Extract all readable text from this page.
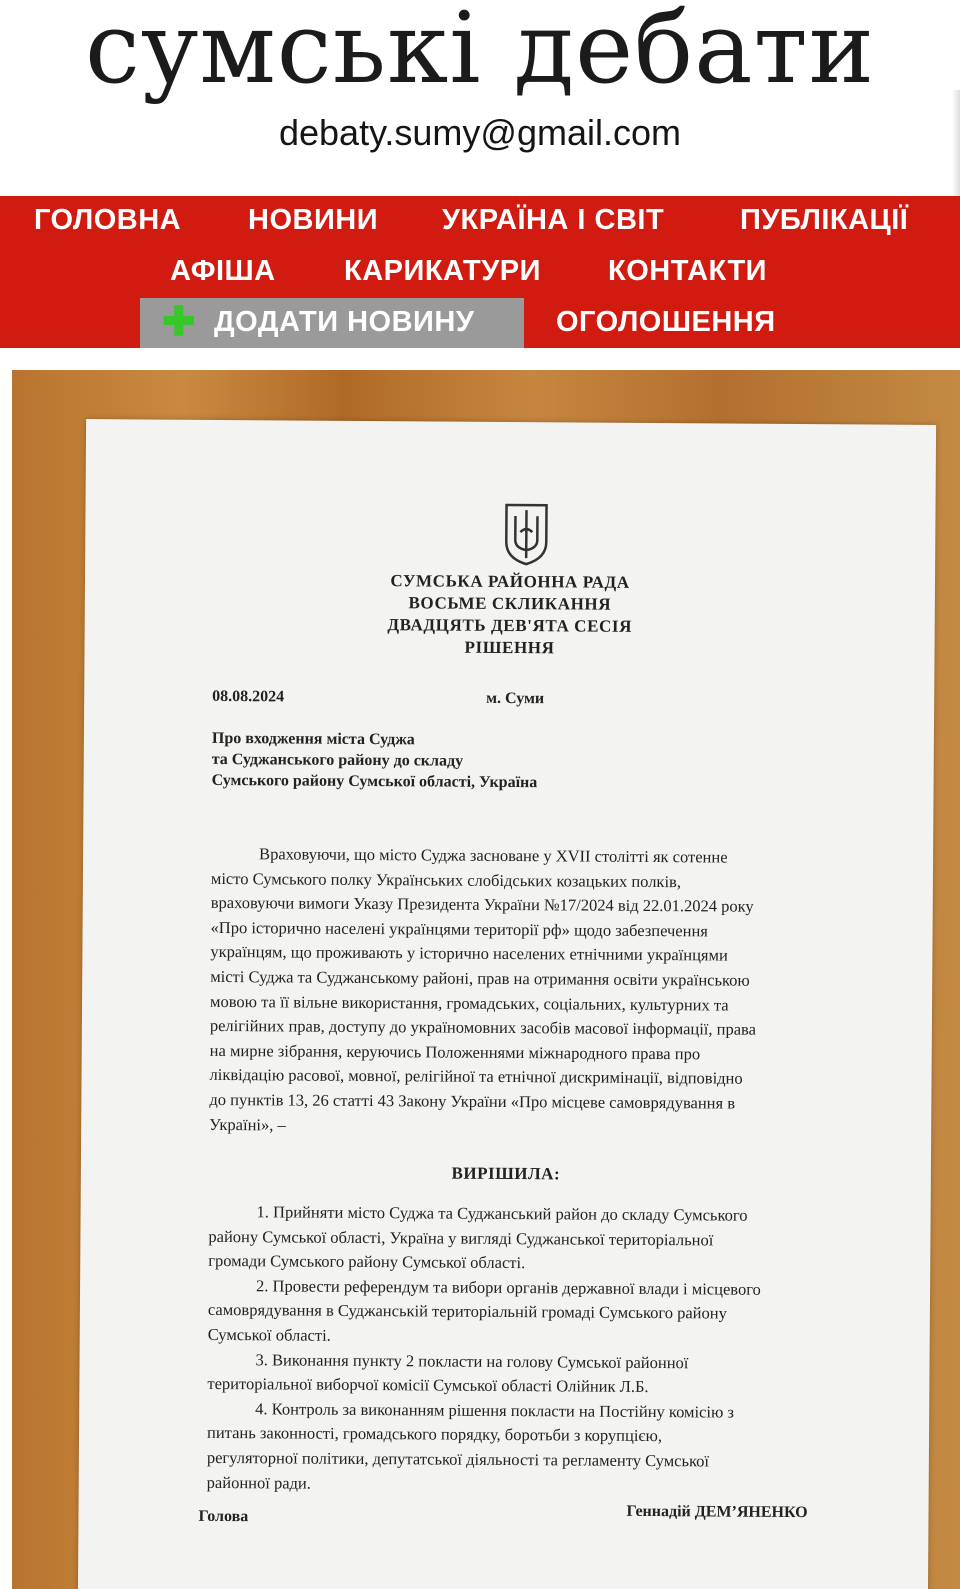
сумські дебати
debaty.sumy@gmail.com
ГОЛОВНА НОВИНИ УКРАЇНА І СВІТ	ПУБЛІКАЦІЇ
АФІША КАРИКАТУРИ КОНТАКТИ
✚ ДОДАТИ НОВИНУ	ОГОЛОШЕННЯ
СУМСЬКА РАЙОННА РАДА
ВОСЬМЕ СКЛИКАННЯ
ДВАДЦЯТЬ ДЕВ'ЯТА СЕСІЯ
РІШЕННЯ
08.08.2024	м. Суми
Про входження міста Суджа
та Суджанського району до складу
Сумського району Сумської області, Україна
Враховуючи, що місто Суджа засноване у XVII столітті як сотенне
місто Сумського полку Українських слобідських козацьких полків,
враховуючи вимоги Указу Президента України №17/2024 від 22.01.2024 року
«Про історично населені українцями території рф» щодо забезпечення
українцям, що проживають у історично населених етнічними українцями
місті Суджа та Суджанському районі, прав на отримання освіти українською
мовою та її вільне використання, громадських, соціальних, культурних та
релігійних прав, доступу до україномовних засобів масової інформації, права
на мирне зібрання, керуючись Положеннями міжнародного права про
ліквідацію расової, мовної, релігійної та етнічної дискримінації, відповідно
до пунктів 13, 26 статті 43 Закону України «Про місцеве самоврядування в
Україні», –
ВИРІШИЛА:
1. Прийняти місто Суджа та Суджанський район до складу Сумського
району Сумської області, Україна у вигляді Суджанської територіальної
громади Сумського району Сумської області.
2. Провести референдум та вибори органів державної влади і місцевого
самоврядування в Суджанській територіальній громаді Сумського району
Сумської області.
3. Виконання пункту 2 покласти на голову Сумської районної
територіальної виборчої комісії Сумської області Олійник Л.Б.
4. Контроль за виконанням рішення покласти на Постійну комісію з
питань законності, громадського порядку, боротьби з корупцією,
регуляторної політики, депутатської діяльності та регламенту Сумської
районної ради.
Голова	Геннадій ДЕМ’ЯНЕНКО
